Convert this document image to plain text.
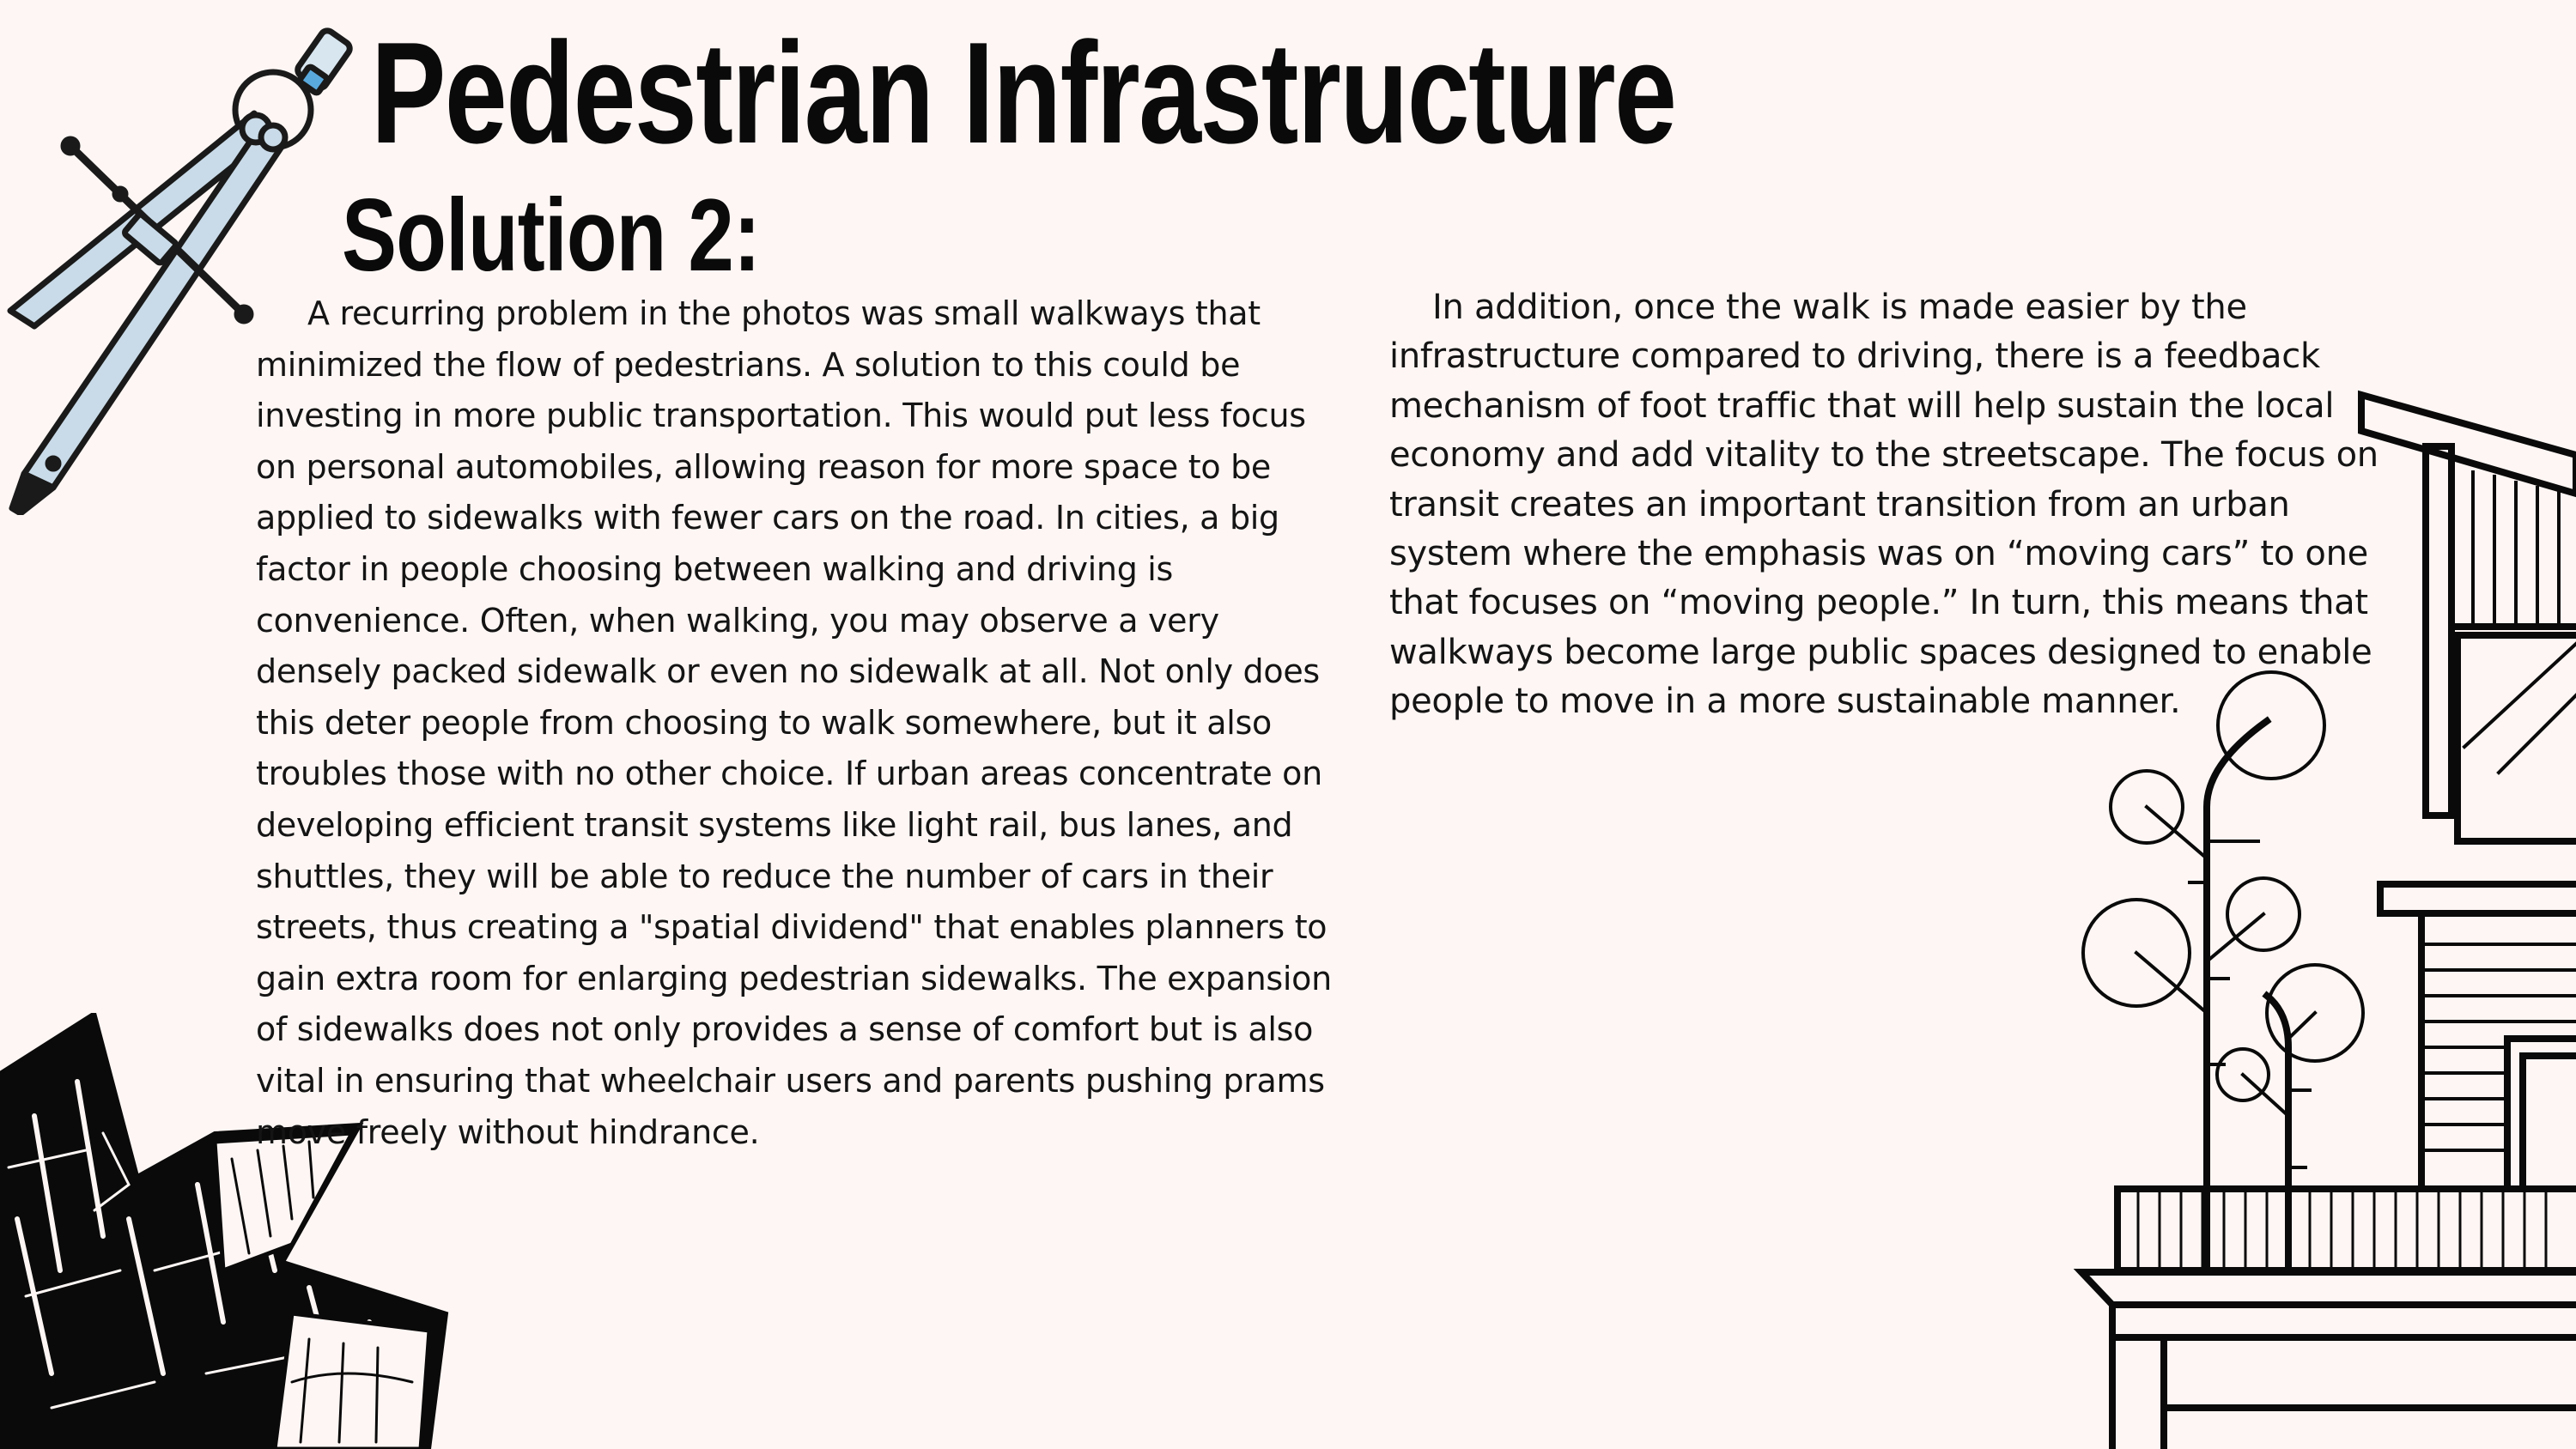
Pedestrian Infrastructure
Solution 2:

A recurring problem in the photos was small walkways that minimized the flow of pedestrians. A solution to this could be investing in more public transportation. This would put less focus on personal automobiles, allowing reason for more space to be applied to sidewalks with fewer cars on the road. In cities, a big factor in people choosing between walking and driving is convenience. Often, when walking, you may observe a very densely packed sidewalk or even no sidewalk at all. Not only does this deter people from choosing to walk somewhere, but it also troubles those with no other choice. If urban areas concentrate on developing efficient transit systems like light rail, bus lanes, and shuttles, they will be able to reduce the number of cars in their streets, thus creating a "spatial dividend" that enables planners to gain extra room for enlarging pedestrian sidewalks. The expansion of sidewalks does not only provides a sense of comfort but is also vital in ensuring that wheelchair users and parents pushing prams move freely without hindrance.

In addition, once the walk is made easier by the infrastructure compared to driving, there is a feedback mechanism of foot traffic that will help sustain the local economy and add vitality to the streetscape. The focus on transit creates an important transition from an urban system where the emphasis was on “moving cars” to one that focuses on “moving people.” In turn, this means that walkways become large public spaces designed to enable people to move in a more sustainable manner.
